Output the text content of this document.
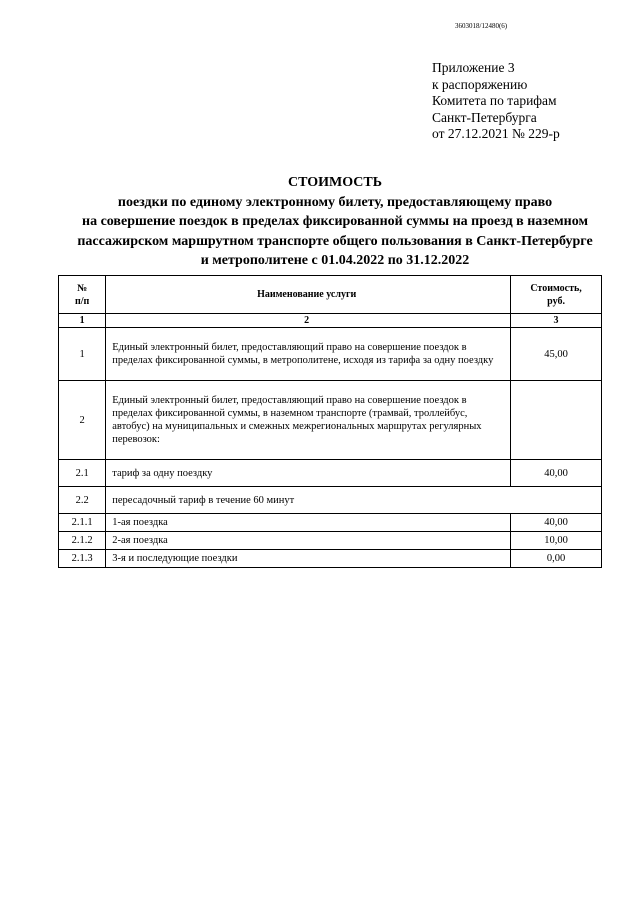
3603018/12480(6)
Приложение 3
к распоряжению
Комитета по тарифам
Санкт-Петербурга
от 27.12.2021 № 229-р
СТОИМОСТЬ
поездки по единому электронному билету, предоставляющему право
на совершение поездок в пределах фиксированной суммы на проезд в наземном
пассажирском маршрутном транспорте общего пользования в Санкт-Петербурге
и метрополитене с 01.04.2022 по 31.12.2022
№
п/п	Наименование услуги	Стоимость,
руб.
1	2	3
1	Единый электронный билет, предоставляющий право на совершение поездок в пределах фиксированной суммы, в метрополитене, исходя из тарифа за одну поездку	45,00
2	Единый электронный билет, предоставляющий право на совершение поездок в пределах фиксированной суммы, в наземном транспорте (трамвай, троллейбус, автобус) на муниципальных и смежных межрегиональных маршрутах регулярных перевозок:	
2.1	тариф за одну поездку	40,00
2.2	пересадочный тариф в течение 60 минут	
2.1.1	1-ая поездка	40,00
2.1.2	2-ая поездка	10,00
2.1.3	3-я и последующие поездки	0,00
